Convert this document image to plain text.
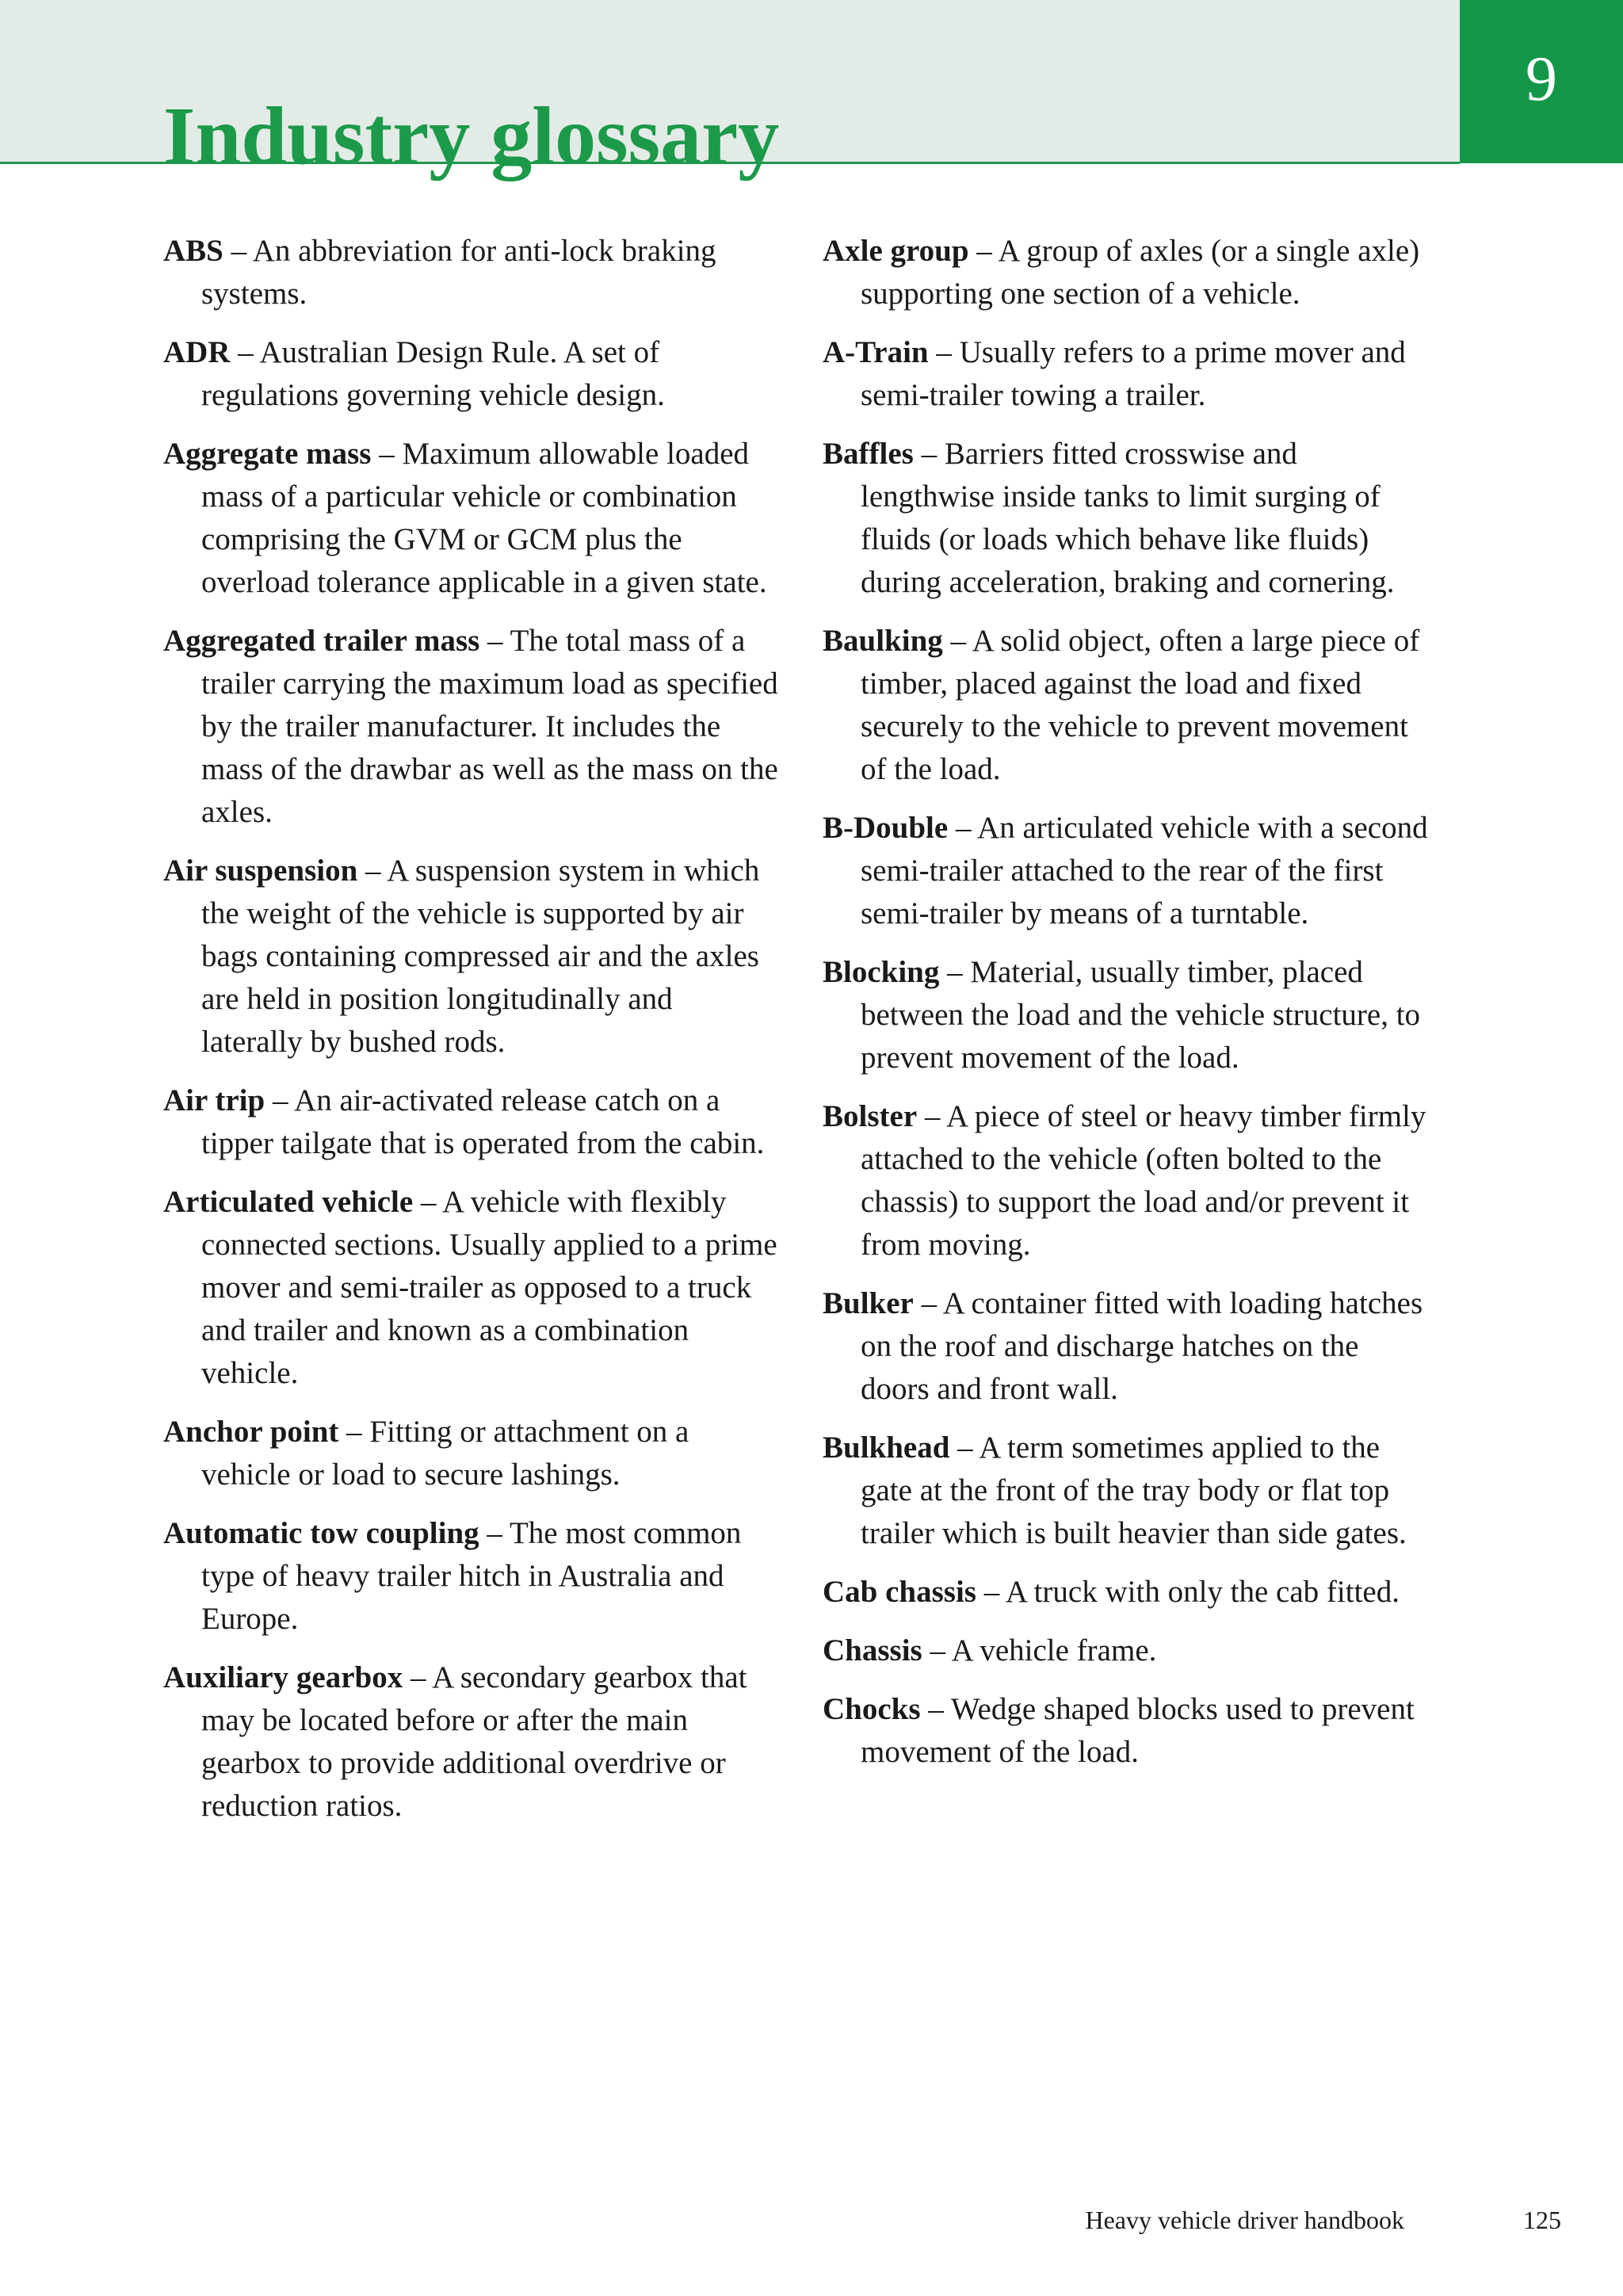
9
Industry glossary

ABS – An abbreviation for anti-lock braking systems.

ADR – Australian Design Rule. A set of regulations governing vehicle design.

Aggregate mass – Maximum allowable loaded mass of a particular vehicle or combination comprising the GVM or GCM plus the overload tolerance applicable in a given state.

Aggregated trailer mass – The total mass of a trailer carrying the maximum load as specified by the trailer manufacturer. It includes the mass of the drawbar as well as the mass on the axles.

Air suspension – A suspension system in which the weight of the vehicle is supported by air bags containing compressed air and the axles are held in position longitudinally and laterally by bushed rods.

Air trip – An air-activated release catch on a tipper tailgate that is operated from the cabin.

Articulated vehicle – A vehicle with flexibly connected sections. Usually applied to a prime mover and semi-trailer as opposed to a truck and trailer and known as a combination vehicle.

Anchor point – Fitting or attachment on a vehicle or load to secure lashings.

Automatic tow coupling – The most common type of heavy trailer hitch in Australia and Europe.

Auxiliary gearbox – A secondary gearbox that may be located before or after the main gearbox to provide additional overdrive or reduction ratios.

Axle group – A group of axles (or a single axle) supporting one section of a vehicle.

A-Train – Usually refers to a prime mover and semi-trailer towing a trailer.

Baffles – Barriers fitted crosswise and lengthwise inside tanks to limit surging of fluids (or loads which behave like fluids) during acceleration, braking and cornering.

Baulking – A solid object, often a large piece of timber, placed against the load and fixed securely to the vehicle to prevent movement of the load.

B-Double – An articulated vehicle with a second semi-trailer attached to the rear of the first semi-trailer by means of a turntable.

Blocking – Material, usually timber, placed between the load and the vehicle structure, to prevent movement of the load.

Bolster – A piece of steel or heavy timber firmly attached to the vehicle (often bolted to the chassis) to support the load and/or prevent it from moving.

Bulker – A container fitted with loading hatches on the roof and discharge hatches on the doors and front wall.

Bulkhead – A term sometimes applied to the gate at the front of the tray body or flat top trailer which is built heavier than side gates.

Cab chassis – A truck with only the cab fitted.

Chassis – A vehicle frame.

Chocks – Wedge shaped blocks used to prevent movement of the load.

Heavy vehicle driver handbook	125
